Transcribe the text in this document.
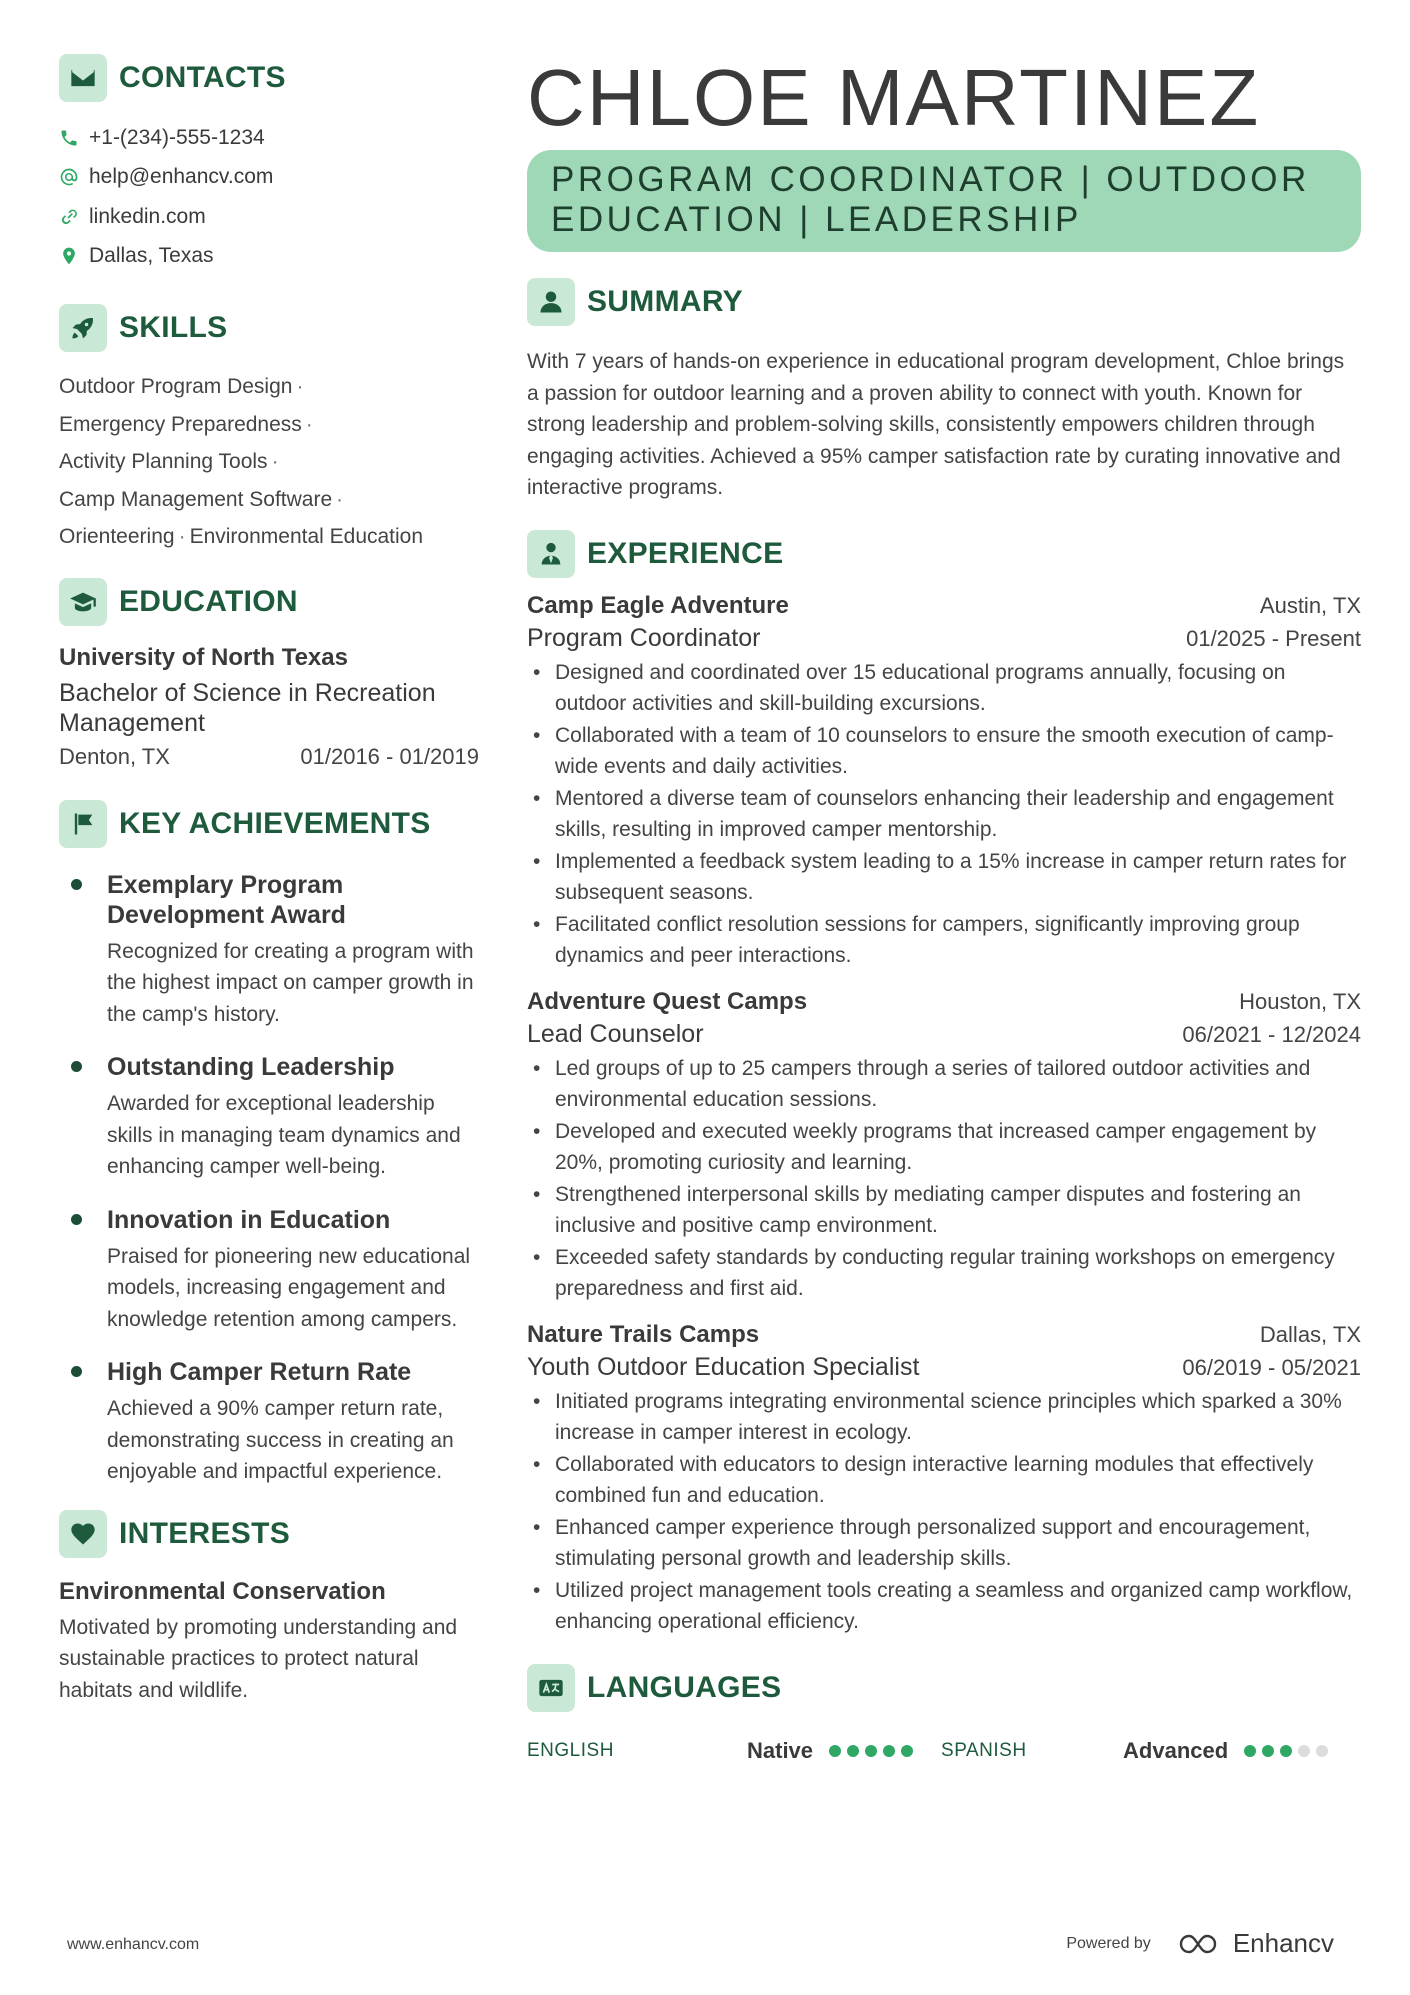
CONTACTS
+1-(234)-555-1234
help@enhancv.com
linkedin.com
Dallas, Texas
SKILLS
Outdoor Program Design ·
Emergency Preparedness ·
Activity Planning Tools ·
Camp Management Software ·
Orienteering · Environmental Education
EDUCATION
University of North Texas
Bachelor of Science in Recreation Management
Denton, TX	01/2016 - 01/2019
KEY ACHIEVEMENTS
Exemplary Program Development Award
Recognized for creating a program with the highest impact on camper growth in the camp's history.
Outstanding Leadership
Awarded for exceptional leadership skills in managing team dynamics and enhancing camper well-being.
Innovation in Education
Praised for pioneering new educational models, increasing engagement and knowledge retention among campers.
High Camper Return Rate
Achieved a 90% camper return rate, demonstrating success in creating an enjoyable and impactful experience.
INTERESTS
Environmental Conservation
Motivated by promoting understanding and sustainable practices to protect natural habitats and wildlife.
CHLOE MARTINEZ
PROGRAM COORDINATOR | OUTDOOR EDUCATION | LEADERSHIP
SUMMARY
With 7 years of hands-on experience in educational program development, Chloe brings a passion for outdoor learning and a proven ability to connect with youth. Known for strong leadership and problem-solving skills, consistently empowers children through engaging activities. Achieved a 95% camper satisfaction rate by curating innovative and interactive programs.
EXPERIENCE
Camp Eagle Adventure	Austin, TX
Program Coordinator	01/2025 - Present
• Designed and coordinated over 15 educational programs annually, focusing on outdoor activities and skill-building excursions.
• Collaborated with a team of 10 counselors to ensure the smooth execution of camp-wide events and daily activities.
• Mentored a diverse team of counselors enhancing their leadership and engagement skills, resulting in improved camper mentorship.
• Implemented a feedback system leading to a 15% increase in camper return rates for subsequent seasons.
• Facilitated conflict resolution sessions for campers, significantly improving group dynamics and peer interactions.
Adventure Quest Camps	Houston, TX
Lead Counselor	06/2021 - 12/2024
• Led groups of up to 25 campers through a series of tailored outdoor activities and environmental education sessions.
• Developed and executed weekly programs that increased camper engagement by 20%, promoting curiosity and learning.
• Strengthened interpersonal skills by mediating camper disputes and fostering an inclusive and positive camp environment.
• Exceeded safety standards by conducting regular training workshops on emergency preparedness and first aid.
Nature Trails Camps	Dallas, TX
Youth Outdoor Education Specialist	06/2019 - 05/2021
• Initiated programs integrating environmental science principles which sparked a 30% increase in camper interest in ecology.
• Collaborated with educators to design interactive learning modules that effectively combined fun and education.
• Enhanced camper experience through personalized support and encouragement, stimulating personal growth and leadership skills.
• Utilized project management tools creating a seamless and organized camp workflow, enhancing operational efficiency.
LANGUAGES
ENGLISH	Native	SPANISH	Advanced
www.enhancv.com	Powered by	Enhancv
